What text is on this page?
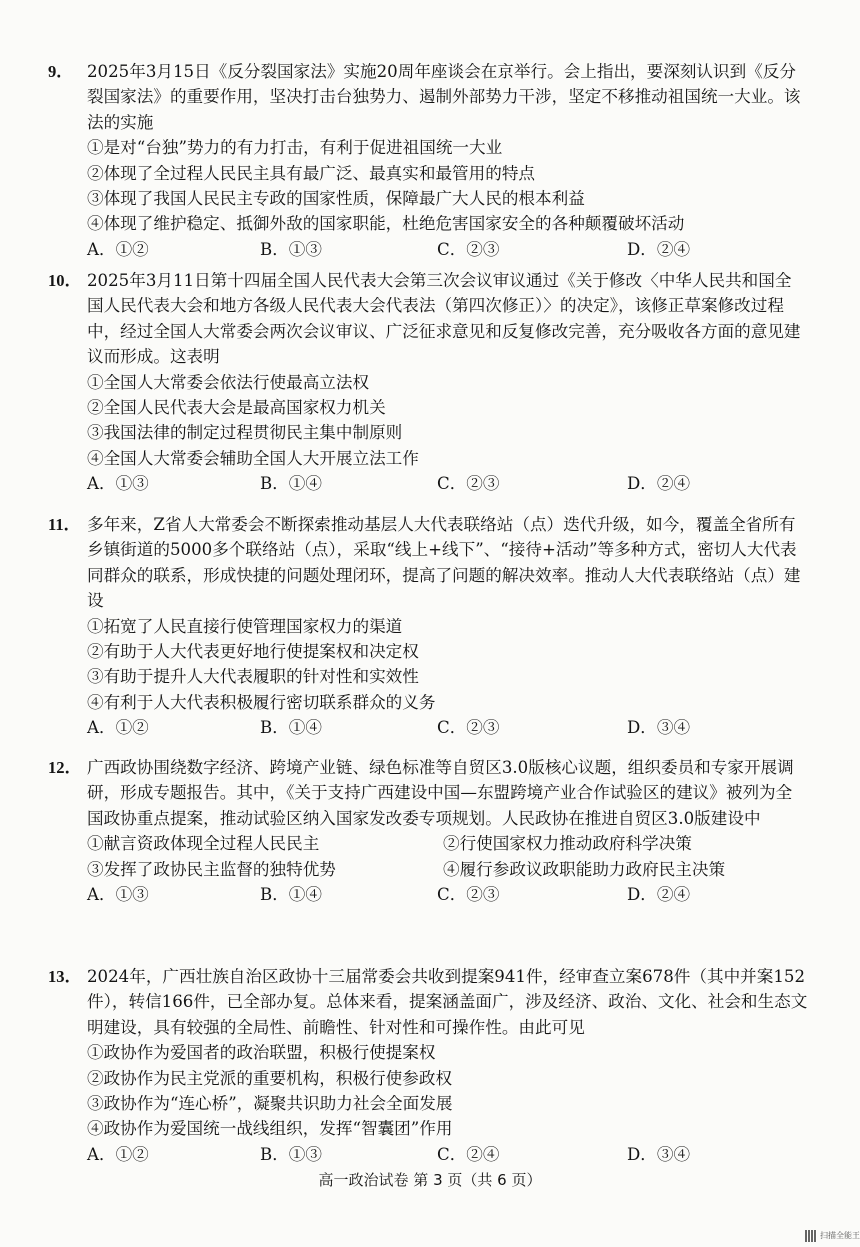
9． 2025年3月15日《反分裂国家法》实施20周年座谈会在京举行。会上指出，要深刻认识到《反分裂国家法》的重要作用，坚决打击台独势力、遏制外部势力干涉，坚定不移推动祖国统一大业。该法的实施
①是对“台独”势力的有力打击，有利于促进祖国统一大业
②体现了全过程人民民主具有最广泛、最真实和最管用的特点
③体现了我国人民民主专政的国家性质，保障最广大人民的根本利益
④体现了维护稳定、抵御外敌的国家职能，杜绝危害国家安全的各种颠覆破坏活动
A．①②	B．①③	C．②③	D．②④
10． 2025年3月11日第十四届全国人民代表大会第三次会议审议通过《关于修改〈中华人民共和国全国人民代表大会和地方各级人民代表大会代表法（第四次修正）〉的决定》，该修正草案修改过程中，经过全国人大常委会两次会议审议、广泛征求意见和反复修改完善，充分吸收各方面的意见建议而形成。这表明
①全国人大常委会依法行使最高立法权
②全国人民代表大会是最高国家权力机关
③我国法律的制定过程贯彻民主集中制原则
④全国人大常委会辅助全国人大开展立法工作
A．①③	B．①④	C．②③	D．②④
11． 多年来，Z省人大常委会不断探索推动基层人大代表联络站（点）迭代升级，如今，覆盖全省所有乡镇街道的5000多个联络站（点），采取“线上+线下”、“接待+活动”等多种方式，密切人大代表同群众的联系，形成快捷的问题处理闭环，提高了问题的解决效率。推动人大代表联络站（点）建设
①拓宽了人民直接行使管理国家权力的渠道
②有助于人大代表更好地行使提案权和决定权
③有助于提升人大代表履职的针对性和实效性
④有利于人大代表积极履行密切联系群众的义务
A．①②	B．①④	C．②③	D．③④
12． 广西政协围绕数字经济、跨境产业链、绿色标准等自贸区3.0版核心议题，组织委员和专家开展调研，形成专题报告。其中，《关于支持广西建设中国—东盟跨境产业合作试验区的建议》被列为全国政协重点提案，推动试验区纳入国家发改委专项规划。人民政协在推进自贸区3.0版建设中
①献言资政体现全过程人民民主	②行使国家权力推动政府科学决策
③发挥了政协民主监督的独特优势	④履行参政议政职能助力政府民主决策
A．①③	B．①④	C．②③	D．②④
13． 2024年，广西壮族自治区政协十三届常委会共收到提案941件，经审查立案678件（其中并案152件），转信166件，已全部办复。总体来看，提案涵盖面广，涉及经济、政治、文化、社会和生态文明建设，具有较强的全局性、前瞻性、针对性和可操作性。由此可见
①政协作为爱国者的政治联盟，积极行使提案权
②政协作为民主党派的重要机构，积极行使参政权
③政协作为“连心桥”，凝聚共识助力社会全面发展
④政协作为爱国统一战线组织，发挥“智囊团”作用
A．①②	B．①③	C．②④	D．③④
高一政治试卷 第 3 页（共 6 页）
扫描全能王
